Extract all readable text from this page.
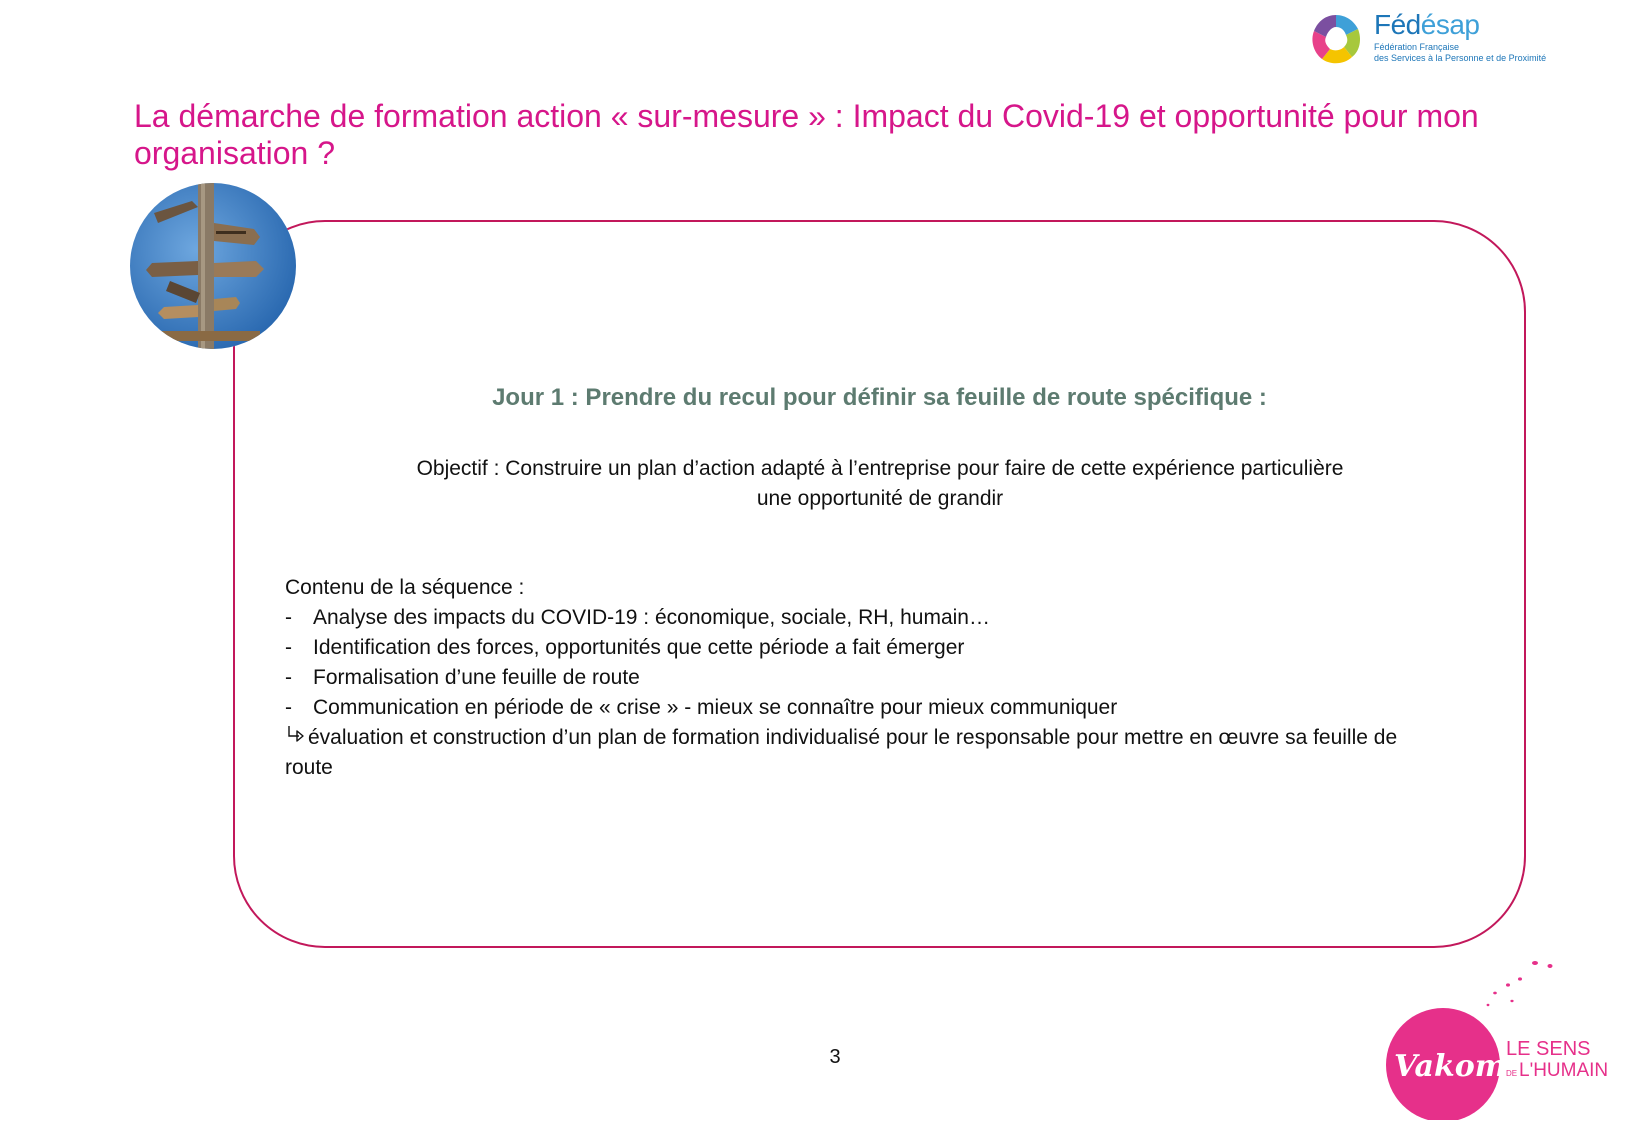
Fédésap
Fédération Française
des Services à la Personne et de Proximité
La démarche de formation action « sur-mesure » : Impact du Covid-19 et opportunité pour mon organisation ?
Jour 1 : Prendre du recul pour définir sa feuille de route spécifique :
Objectif : Construire un plan d’action adapté à l’entreprise pour faire de cette expérience particulière
une opportunité de grandir
Contenu de la séquence :
- Analyse des impacts du COVID-19 : économique, sociale, RH, humain…
- Identification des forces, opportunités que cette période a fait émerger
- Formalisation d’une feuille de route
- Communication en période de « crise » - mieux se connaître pour mieux communiquer
évaluation et construction d’un plan de formation individualisé pour le responsable pour mettre en œuvre sa feuille de route
3	Vakom LE SENS
DE L'HUMAIN
